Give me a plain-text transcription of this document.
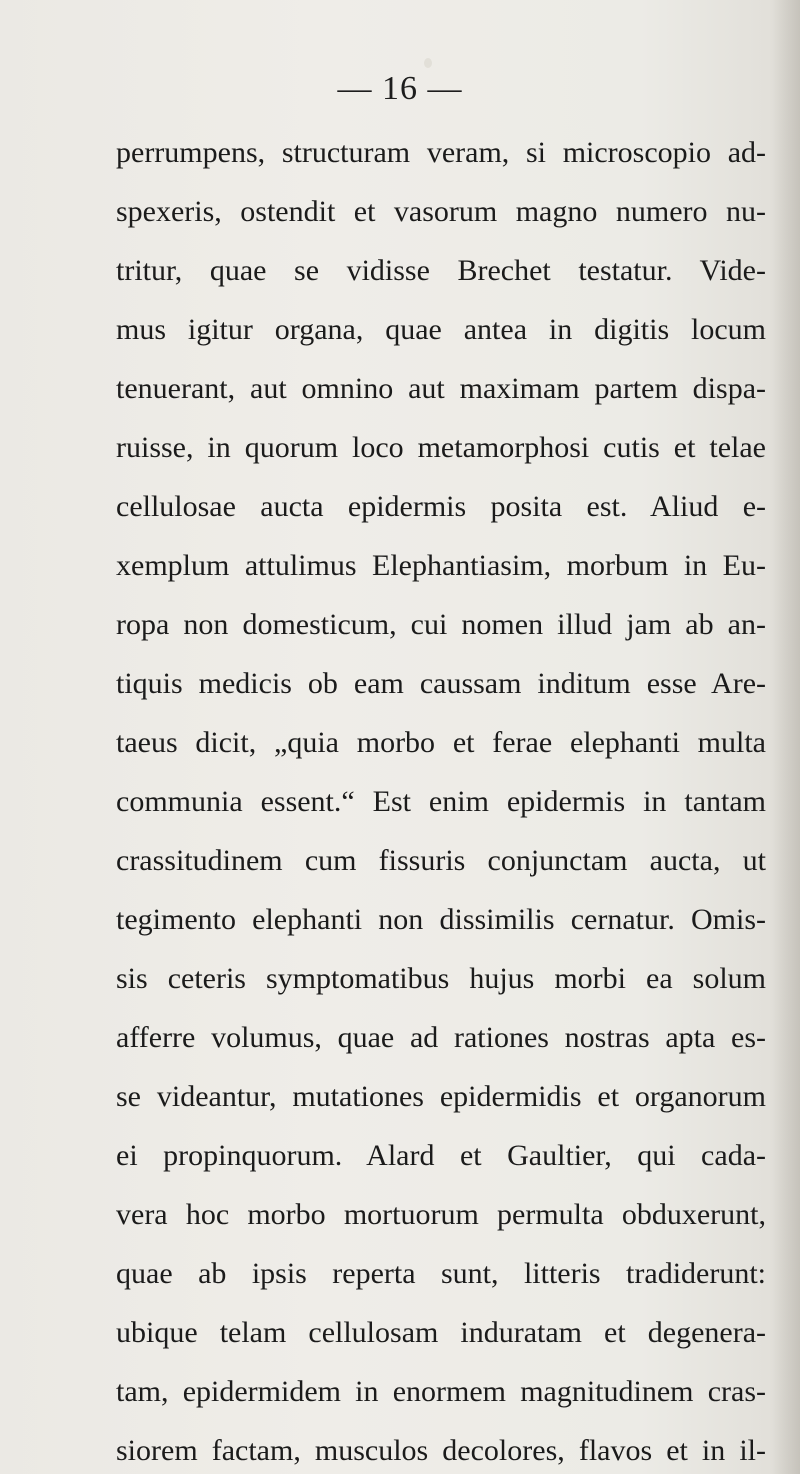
— 16 —
perrumpens, structuram veram, si microscopio ad-
spexeris, ostendit et vasorum magno numero nu-
tritur, quae se vidisse Brechet testatur. Vide-
mus igitur organa, quae antea in digitis locum
tenuerant, aut omnino aut maximam partem dispa-
ruisse, in quorum loco metamorphosi cutis et telae
cellulosae aucta epidermis posita est. Aliud e-
xemplum attulimus Elephantiasim, morbum in Eu-
ropa non domesticum, cui nomen illud jam ab an-
tiquis medicis ob eam caussam inditum esse Are-
taeus dicit, „quia morbo et ferae elephanti multa
communia essent.“ Est enim epidermis in tantam
crassitudinem cum fissuris conjunctam aucta, ut
tegimento elephanti non dissimilis cernatur. Omis-
sis ceteris symptomatibus hujus morbi ea solum
afferre volumus, quae ad rationes nostras apta es-
se videantur, mutationes epidermidis et organorum
ei propinquorum. Alard et Gaultier, qui cada-
vera hoc morbo mortuorum permulta obduxerunt,
quae ab ipsis reperta sunt, litteris tradiderunt:
ubique telam cellulosam induratam et degenera-
tam, epidermidem in enormem magnitudinem cras-
siorem factam, musculos decolores, flavos et in il-
